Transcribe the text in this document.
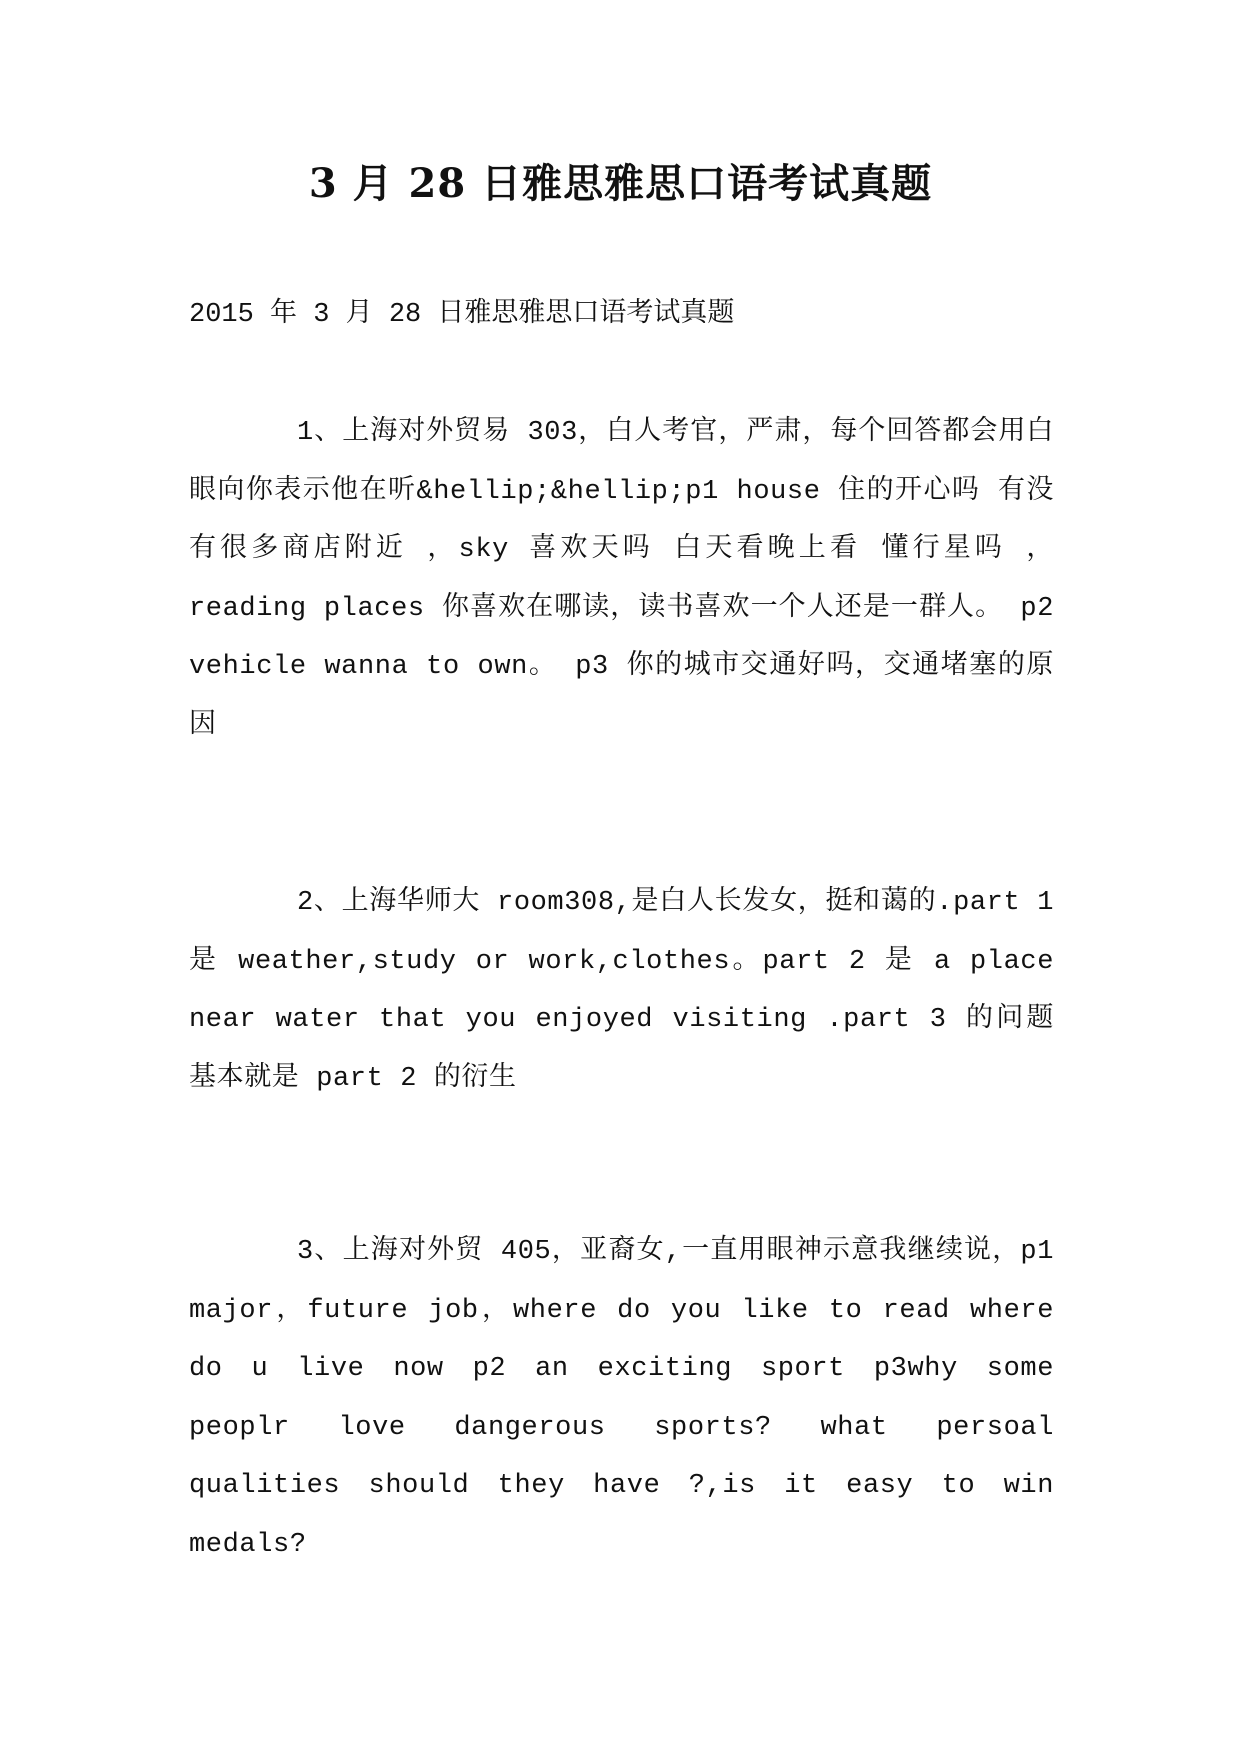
3 月 28 日雅思雅思口语考试真题

2015 年 3 月 28 日雅思雅思口语考试真题

1、上海对外贸易 303，白人考官，严肃，每个回答都会用白眼向你表示他在听&hellip;&hellip;p1 house 住的开心吗 有没有很多商店附近 ，sky 喜欢天吗 白天看晚上看 懂行星吗 ，reading places 你喜欢在哪读，读书喜欢一个人还是一群人。 p2 vehicle wanna to own。 p3 你的城市交通好吗，交通堵塞的原因

2、上海华师大 room308,是白人长发女，挺和蔼的.part 1 是 weather,study or work,clothes。part 2 是 a place near water that you enjoyed visiting .part 3 的问题基本就是 part 2 的衍生

3、上海对外贸 405，亚裔女,一直用眼神示意我继续说，p1 major，future job，where do you like to read where do u live now p2 an exciting sport p3why some peoplr love dangerous sports? what persoal qualities should they have ?,is it easy to win medals?
